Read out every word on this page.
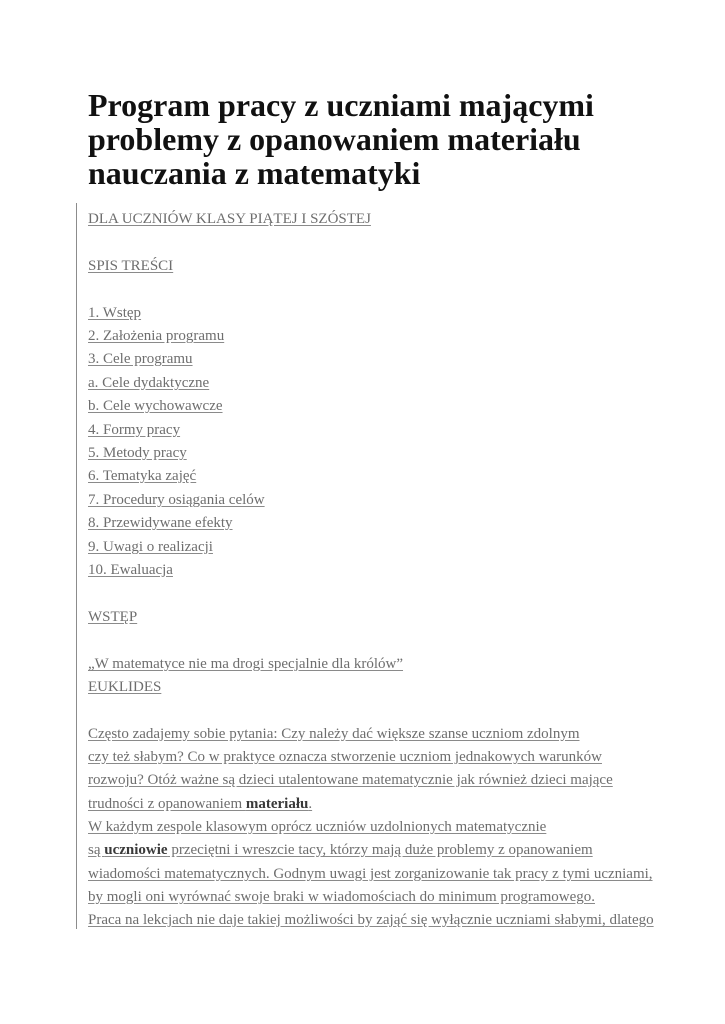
Program pracy z uczniami mającymi
problemy z opanowaniem materiału
nauczania z matematyki
DLA UCZNIÓW KLASY PIĄTEJ I SZÓSTEJ
SPIS TREŚCI
1. Wstęp
2. Założenia programu
3. Cele programu
a. Cele dydaktyczne
b. Cele wychowawcze
4. Formy pracy
5. Metody pracy
6. Tematyka zajęć
7. Procedury osiągania celów
8. Przewidywane efekty
9. Uwagi o realizacji
10. Ewaluacja
WSTĘP
„W matematyce nie ma drogi specjalnie dla królów”
EUKLIDES
Często zadajemy sobie pytania: Czy należy dać większe szanse uczniom zdolnym
czy też słabym? Co w praktyce oznacza stworzenie uczniom jednakowych warunków
rozwoju? Otóż ważne są dzieci utalentowane matematycznie jak również dzieci mające
trudności z opanowaniem materiału.
W każdym zespole klasowym oprócz uczniów uzdolnionych matematycznie
są uczniowie przeciętni i wreszcie tacy, którzy mają duże problemy z opanowaniem
wiadomości matematycznych. Godnym uwagi jest zorganizowanie tak pracy z tymi uczniami,
by mogli oni wyrównać swoje braki w wiadomościach do minimum programowego.
Praca na lekcjach nie daje takiej możliwości by zająć się wyłącznie uczniami słabymi, dlatego
